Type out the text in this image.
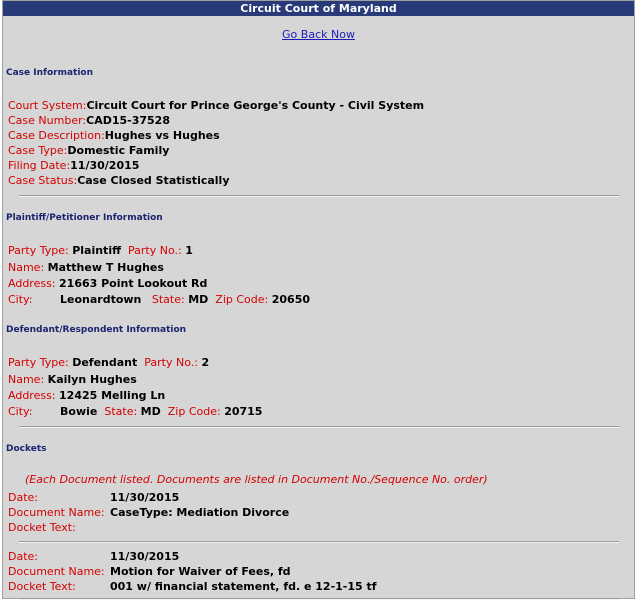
Circuit Court of Maryland
Go Back Now
Case Information
Court System:Circuit Court for Prince George's County - Civil System
Case Number:CAD15-37528
Case Description:Hughes vs Hughes
Case Type:Domestic Family
Filing Date:11/30/2015
Case Status:Case Closed Statistically
Plaintiff/Petitioner Information
Party Type: Plaintiff Party No.: 1
Name: Matthew T Hughes
Address: 21663 Point Lookout Rd
City:	Leonardtown State: MD Zip Code: 20650
Defendant/Respondent Information
Party Type: Defendant Party No.: 2
Name: Kailyn Hughes
Address: 12425 Melling Ln
City:	Bowie State: MD Zip Code: 20715
Dockets
(Each Document listed. Documents are listed in Document No./Sequence No. order)
Date:	11/30/2015
Document Name: CaseType: Mediation Divorce
Docket Text:
Date:	11/30/2015
Document Name: Motion for Waiver of Fees, fd
Docket Text:	001 w/ financial statement, fd. e 12-1-15 tf
